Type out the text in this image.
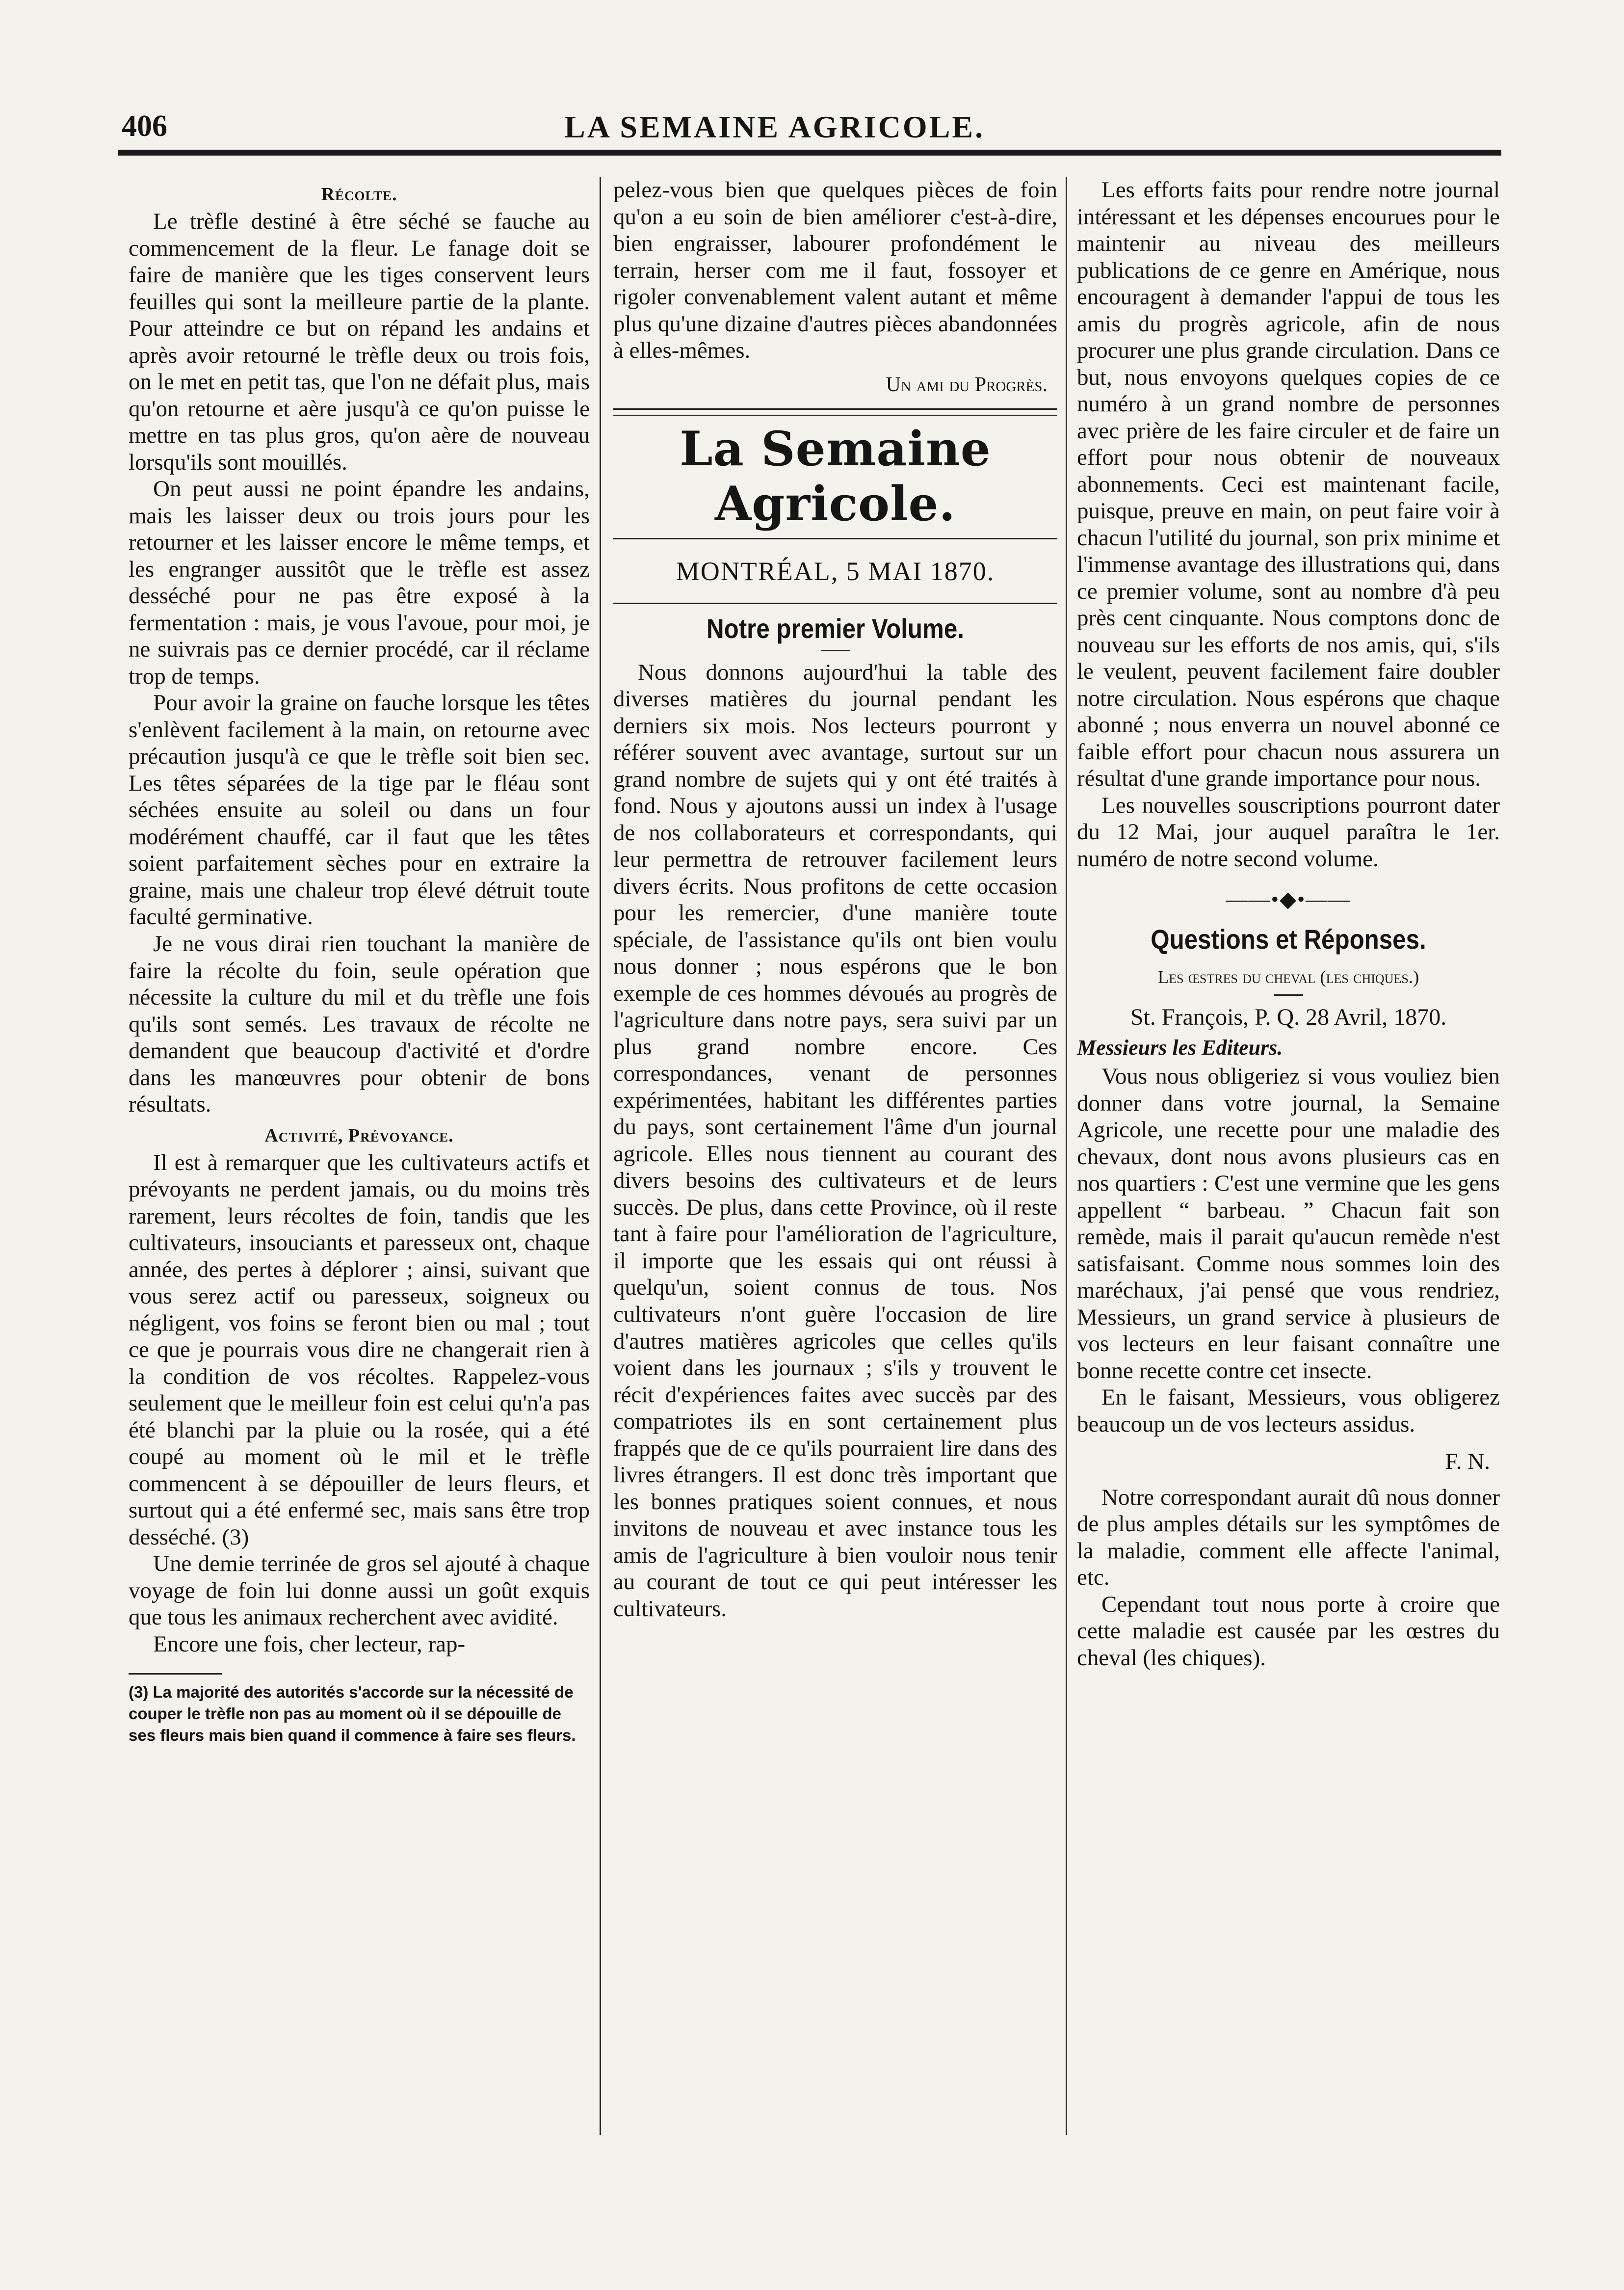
406	LA SEMAINE AGRICOLE.
Récolte.

Le trèfle destiné à être séché se fauche au commencement de la fleur. Le fanage doit se faire de manière que les tiges conservent leurs feuilles qui sont la meilleure partie de la plante. Pour atteindre ce but on répand les andains et après avoir retourné le trèfle deux ou trois fois, on le met en petit tas, que l'on ne défait plus, mais qu'on retourne et aère jusqu'à ce qu'on puisse le mettre en tas plus gros, qu'on aère de nouveau lorsqu'ils sont mouillés.

On peut aussi ne point épandre les andains, mais les laisser deux ou trois jours pour les retourner et les laisser encore le même temps, et les engranger aussitôt que le trèfle est assez desséché pour ne pas être exposé à la fermentation : mais, je vous l'avoue, pour moi, je ne suivrais pas ce dernier procédé, car il réclame trop de temps.

Pour avoir la graine on fauche lorsque les têtes s'enlèvent facilement à la main, on retourne avec précaution jusqu'à ce que le trèfle soit bien sec. Les têtes séparées de la tige par le fléau sont séchées ensuite au soleil ou dans un four modérément chauffé, car il faut que les têtes soient parfaitement sèches pour en extraire la graine, mais une chaleur trop élevé détruit toute faculté germinative.

Je ne vous dirai rien touchant la manière de faire la récolte du foin, seule opération que nécessite la culture du mil et du trèfle une fois qu'ils sont semés. Les travaux de récolte ne demandent que beaucoup d'activité et d'ordre dans les manœuvres pour obtenir de bons résultats.

Activité, Prévoyance.

Il est à remarquer que les cultivateurs actifs et prévoyants ne perdent jamais, ou du moins très rarement, leurs récoltes de foin, tandis que les cultivateurs, insouciants et paresseux ont, chaque année, des pertes à déplorer ; ainsi, suivant que vous serez actif ou paresseux, soigneux ou négligent, vos foins se feront bien ou mal ; tout ce que je pourrais vous dire ne changerait rien à la condition de vos récoltes. Rappelez-vous seulement que le meilleur foin est celui qu'n'a pas été blanchi par la pluie ou la rosée, qui a été coupé au moment où le mil et le trèfle commencent à se dépouiller de leurs fleurs, et surtout qui a été enfermé sec, mais sans être trop desséché. (3)

Une demie terrinée de gros sel ajouté à chaque voyage de foin lui donne aussi un goût exquis que tous les animaux recherchent avec avidité.

Encore une fois, cher lecteur, rap-

(3) La majorité des autorités s'accorde sur la nécessité de couper le trèfle non pas au moment où il se dépouille de ses fleurs mais bien quand il commence à faire ses fleurs.

pelez-vous bien que quelques pièces de foin qu'on a eu soin de bien améliorer c'est-à-dire, bien engraisser, labourer profondément le terrain, herser com me il faut, fossoyer et rigoler convenablement valent autant et même plus qu'une dizaine d'autres pièces abandonnées à elles-mêmes.

Un ami du Progrès.

La Semaine Agricole.
MONTRÉAL, 5 MAI 1870.
Notre premier Volume.

Nous donnons aujourd'hui la table des diverses matières du journal pendant les derniers six mois. Nos lecteurs pourront y référer souvent avec avantage, surtout sur un grand nombre de sujets qui y ont été traités à fond. Nous y ajoutons aussi un index à l'usage de nos collaborateurs et correspondants, qui leur permettra de retrouver facilement leurs divers écrits. Nous profitons de cette occasion pour les remercier, d'une manière toute spéciale, de l'assistance qu'ils ont bien voulu nous donner ; nous espérons que le bon exemple de ces hommes dévoués au progrès de l'agriculture dans notre pays, sera suivi par un plus grand nombre encore. Ces correspondances, venant de personnes expérimentées, habitant les différentes parties du pays, sont certainement l'âme d'un journal agricole. Elles nous tiennent au courant des divers besoins des cultivateurs et de leurs succès. De plus, dans cette Province, où il reste tant à faire pour l'amélioration de l'agriculture, il importe que les essais qui ont réussi à quelqu'un, soient connus de tous. Nos cultivateurs n'ont guère l'occasion de lire d'autres matières agricoles que celles qu'ils voient dans les journaux ; s'ils y trouvent le récit d'expériences faites avec succès par des compatriotes ils en sont certainement plus frappés que de ce qu'ils pourraient lire dans des livres étrangers. Il est donc très important que les bonnes pratiques soient connues, et nous invitons de nouveau et avec instance tous les amis de l'agriculture à bien vouloir nous tenir au courant de tout ce qui peut intéresser les cultivateurs.

Les efforts faits pour rendre notre journal intéressant et les dépenses encourues pour le maintenir au niveau des meilleurs publications de ce genre en Amérique, nous encouragent à demander l'appui de tous les amis du progrès agricole, afin de nous procurer une plus grande circulation. Dans ce but, nous envoyons quelques copies de ce numéro à un grand nombre de personnes avec prière de les faire circuler et de faire un effort pour nous obtenir de nouveaux abonnements. Ceci est maintenant facile, puisque, preuve en main, on peut faire voir à chacun l'utilité du journal, son prix minime et l'immense avantage des illustrations qui, dans ce premier volume, sont au nombre d'à peu près cent cinquante. Nous comptons donc de nouveau sur les efforts de nos amis, qui, s'ils le veulent, peuvent facilement faire doubler notre circulation. Nous espérons que chaque abonné ; nous enverra un nouvel abonné ce faible effort pour chacun nous assurera un résultat d'une grande importance pour nous.

Les nouvelles souscriptions pourront dater du 12 Mai, jour auquel paraîtra le 1er. numéro de notre second volume.

——•◆•——
Questions et Réponses.

Les œstres du cheval (les chiques.)

St. François, P. Q. 28 Avril, 1870.

Messieurs les Editeurs.

Vous nous obligeriez si vous vouliez bien donner dans votre journal, la Semaine Agricole, une recette pour une maladie des chevaux, dont nous avons plusieurs cas en nos quartiers : C'est une vermine que les gens appellent “ barbeau. ” Chacun fait son remède, mais il parait qu'aucun remède n'est satisfaisant. Comme nous sommes loin des maréchaux, j'ai pensé que vous rendriez, Messieurs, un grand service à plusieurs de vos lecteurs en leur faisant connaître une bonne recette contre cet insecte.

En le faisant, Messieurs, vous obligerez beaucoup un de vos lecteurs assidus.

F. N.

Notre correspondant aurait dû nous donner de plus amples détails sur les symptômes de la maladie, comment elle affecte l'animal, etc.

Cependant tout nous porte à croire que cette maladie est causée par les œstres du cheval (les chiques).
